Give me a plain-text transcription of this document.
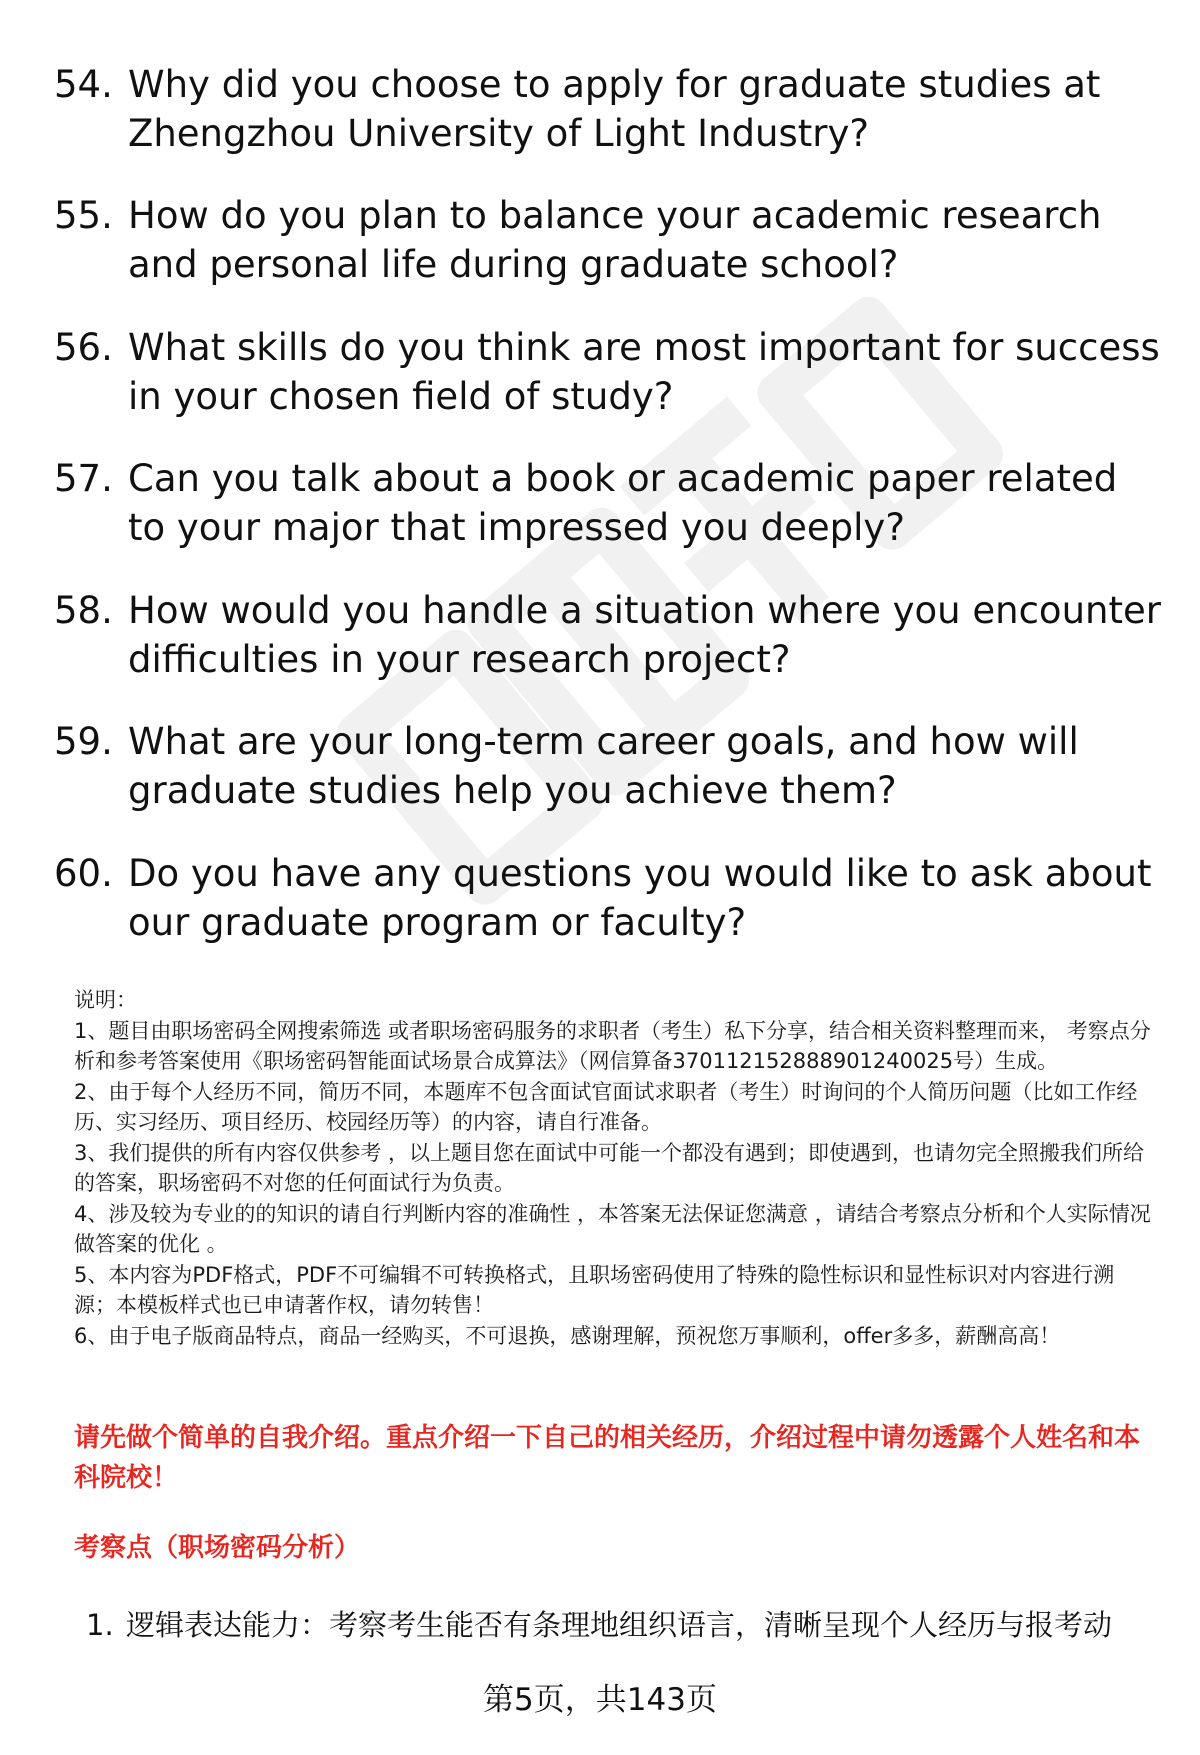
54. Why did you choose to apply for graduate studies at Zhengzhou University of Light Industry?
55. How do you plan to balance your academic research and personal life during graduate school?
56. What skills do you think are most important for success in your chosen field of study?
57. Can you talk about a book or academic paper related to your major that impressed you deeply?
58. How would you handle a situation where you encounter difficulties in your research project?
59. What are your long-term career goals, and how will graduate studies help you achieve them?
60. Do you have any questions you would like to ask about our graduate program or faculty?

说明：

1、题目由职场密码全网搜索筛选 或者职场密码服务的求职者（考生）私下分享，结合相关资料整理而来， 考察点分析和参考答案使用《职场密码智能面试场景合成算法》（网信算备370112152888901240025号）生成。

2、由于每个人经历不同，简历不同，本题库不包含面试官面试求职者（考生）时询问的个人简历问题（比如工作经历、实习经历、项目经历、校园经历等）的内容，请自行准备。

3、我们提供的所有内容仅供参考 ，以上题目您在面试中可能一个都没有遇到；即使遇到，也请勿完全照搬我们所给的答案，职场密码不对您的任何面试行为负责。

4、涉及较为专业的的知识的请自行判断内容的准确性 ，本答案无法保证您满意 ，请结合考察点分析和个人实际情况做答案的优化 。

5、本内容为PDF格式，PDF不可编辑不可转换格式，且职场密码使用了特殊的隐性标识和显性标识对内容进行溯源；本模板样式也已申请著作权，请勿转售！

6、由于电子版商品特点，商品一经购买，不可退换，感谢理解，预祝您万事顺利，offer多多，薪酬高高！

请先做个简单的自我介绍。重点介绍一下自己的相关经历，介绍过程中请勿透露个人姓名和本科院校！
考察点（职场密码分析）
1. 逻辑表达能力：考察考生能否有条理地组织语言，清晰呈现个人经历与报考动
第5页，共143页
